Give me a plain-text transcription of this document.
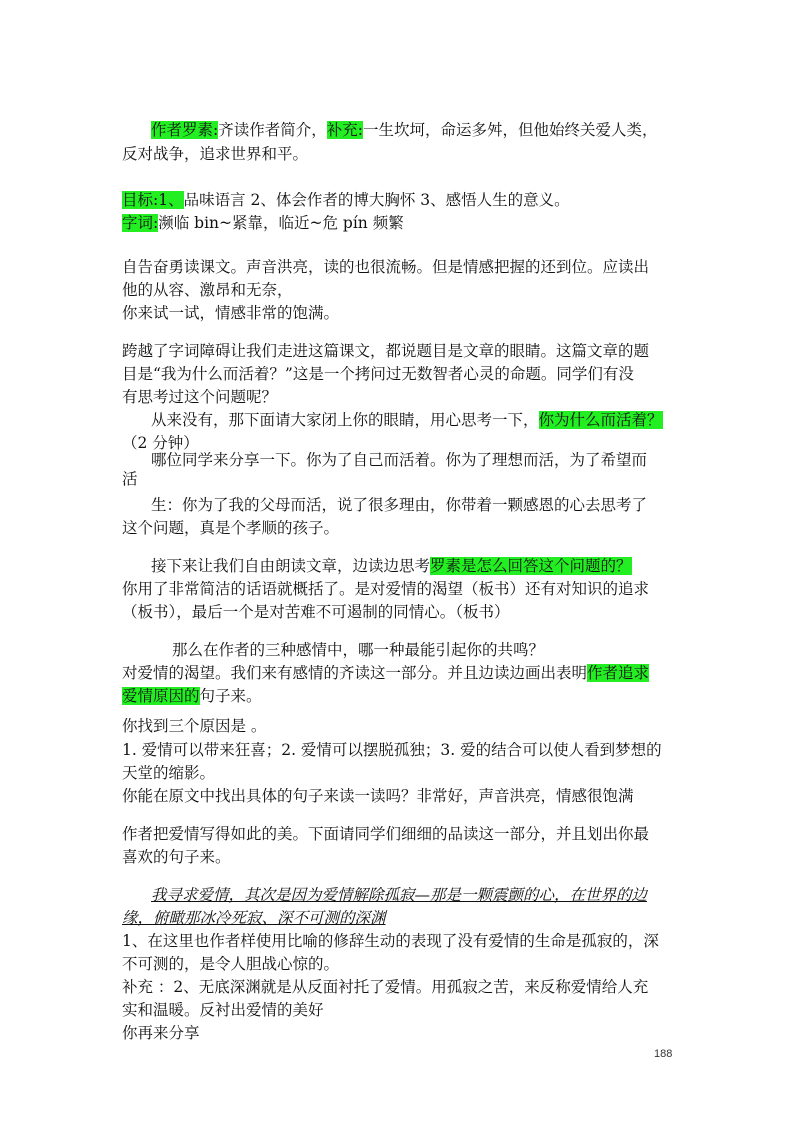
作者罗素:齐读作者简介，补充:一生坎坷，命运多舛，但他始终关爱人类，
反对战争，追求世界和平。
目标:1、品味语言 2、体会作者的博大胸怀 3、感悟人生的意义。
字词:濒临 bin~紧靠，临近~危 pín 频繁
自告奋勇读课文。声音洪亮，读的也很流畅。但是情感把握的还到位。应读出
他的从容、激昂和无奈，
你来试一试，情感非常的饱满。
跨越了字词障碍让我们走进这篇课文，都说题目是文章的眼睛。这篇文章的题
目是“我为什么而活着？”这是一个拷问过无数智者心灵的命题。同学们有没
有思考过这个问题呢？
从来没有，那下面请大家闭上你的眼睛，用心思考一下，你为什么而活着？
（2 分钟）
哪位同学来分享一下。你为了自己而活着。你为了理想而活，为了希望而
活
生：你为了我的父母而活，说了很多理由，你带着一颗感恩的心去思考了
这个问题，真是个孝顺的孩子。
接下来让我们自由朗读文章，边读边思考罗素是怎么回答这个问题的？
你用了非常简洁的话语就概括了。是对爱情的渴望（板书）还有对知识的追求
（板书），最后一个是对苦难不可遏制的同情心。（板书）
那么在作者的三种感情中，哪一种最能引起你的共鸣？
对爱情的渴望。我们来有感情的齐读这一部分。并且边读边画出表明作者追求
爱情原因的句子来。
你找到三个原因是 。
1. 爱情可以带来狂喜；2. 爱情可以摆脱孤独；3. 爱的结合可以使人看到梦想的
天堂的缩影。
你能在原文中找出具体的句子来读一读吗？非常好，声音洪亮，情感很饱满
作者把爱情写得如此的美。下面请同学们细细的品读这一部分，并且划出你最
喜欢的句子来。
我寻求爱情，其次是因为爱情解除孤寂—那是一颗震颤的心，在世界的边
缘，俯瞰那冰冷死寂、深不可测的深渊
1、在这里也作者样使用比喻的修辞生动的表现了没有爱情的生命是孤寂的，深
不可测的，是令人胆战心惊的。
补充 ：2、无底深渊就是从反面衬托了爱情。用孤寂之苦，来反称爱情给人充
实和温暖。反衬出爱情的美好
你再来分享
188
